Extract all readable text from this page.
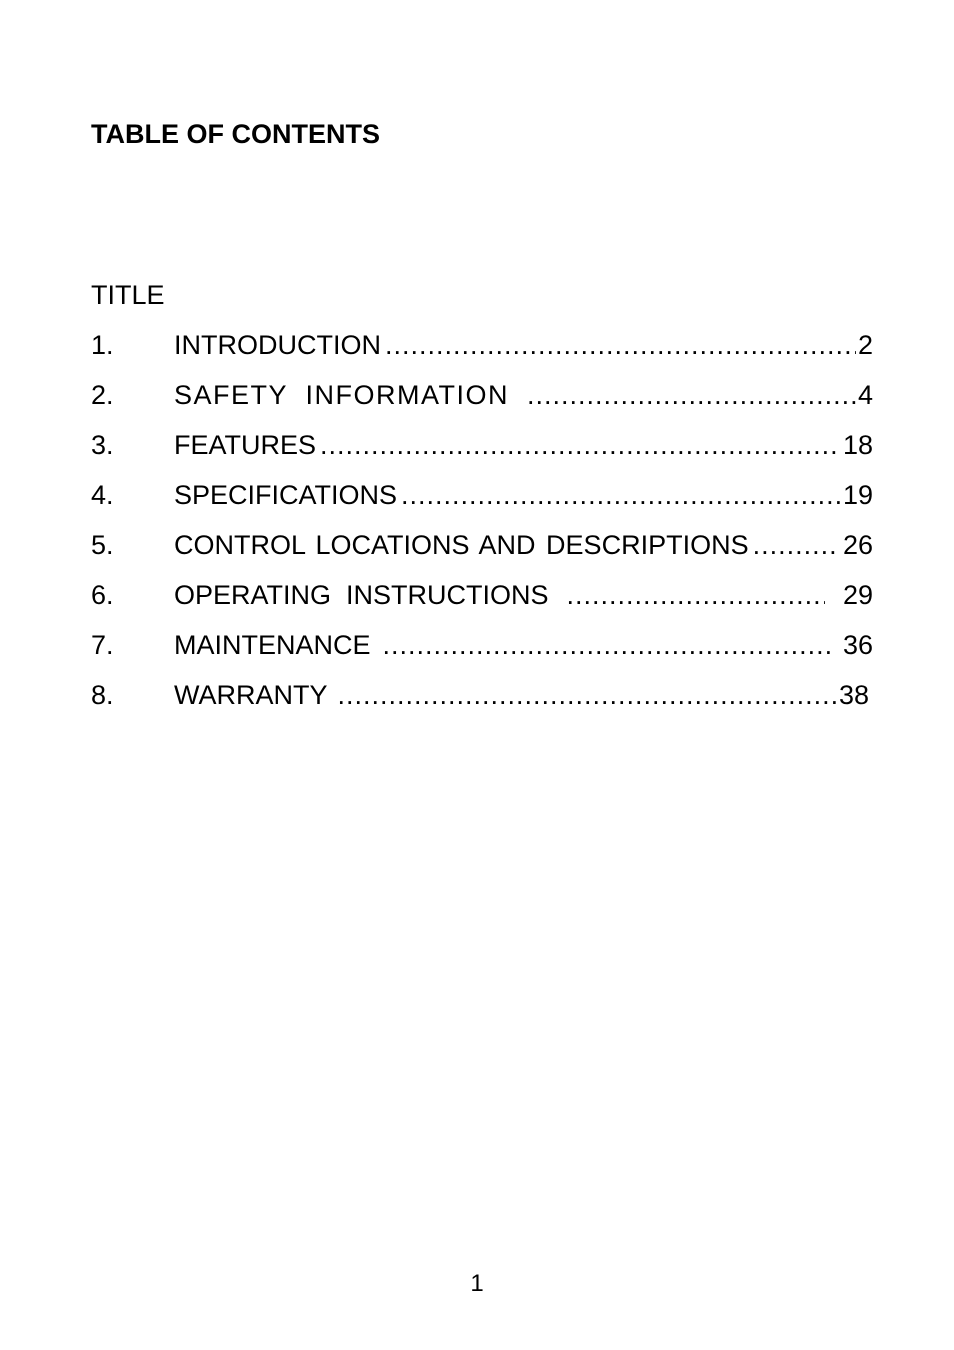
TABLE OF CONTENTS
TITLE
1.	INTRODUCTION .....	2
2.	SAFETY  INFORMATION .....	4
3.	FEATURES .....	18
4.	SPECIFICATIONS .....	19
5.	CONTROL LOCATIONS AND DESCRIPTIONS .....	26
6.	OPERATING  INSTRUCTIONS .....	29
7.	MAINTENANCE .....	36
8.	WARRANTY .....	38
1
